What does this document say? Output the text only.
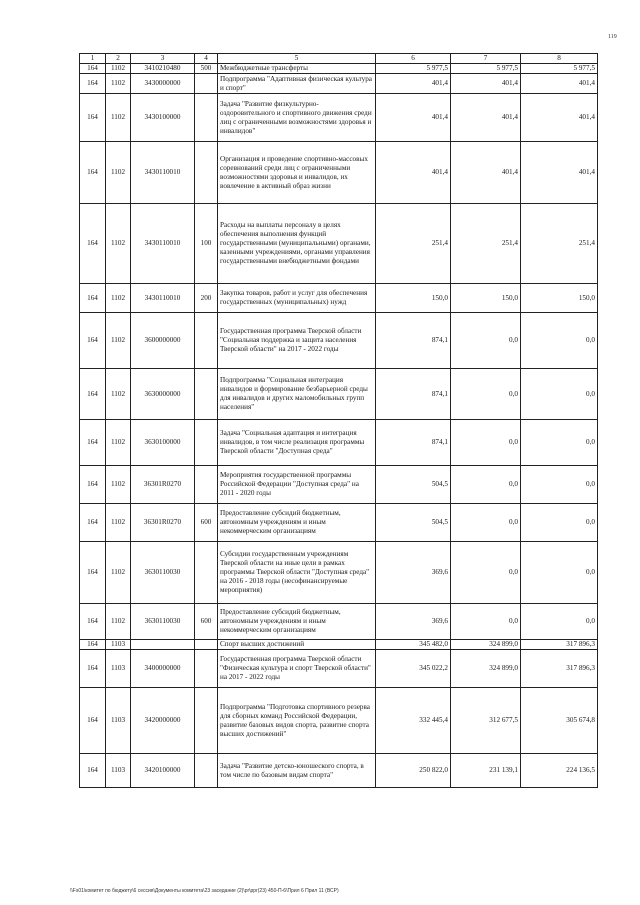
119
1	2	3	4	5	6	7	8
164	1102	3410210480	500	Межбюджетные трансферты	5 977,5	5 977,5	5 977,5
164	1102	3430000000		Подпрограмма "Адаптивная физическая культура и спорт"	401,4	401,4	401,4
164	1102	3430100000		Задача "Развитие физкультурно-оздоровительного и спортивного движения среди лиц с ограниченными возможностями здоровья и инвалидов"	401,4	401,4	401,4
164	1102	3430110010		Организация и проведение спортивно-массовых соревнований среди лиц с ограниченными возможностями здоровья и инвалидов, их вовлечение в активный образ жизни	401,4	401,4	401,4
164	1102	3430110010	100	Расходы на выплаты персоналу в целях обеспечения выполнения функций государственными (муниципальными) органами, казенными учреждениями, органами управления государственными внебюджетными фондами	251,4	251,4	251,4
164	1102	3430110010	200	Закупка товаров, работ и услуг для обеспечения государственных (муниципальных) нужд	150,0	150,0	150,0
164	1102	3600000000		Государственная программа Тверской области "Социальная поддержка и защита населения Тверской области" на 2017 - 2022 годы	874,1	0,0	0,0
164	1102	3630000000		Подпрограмма "Социальная интеграция инвалидов и формирование безбарьерной среды для инвалидов и других маломобильных групп населения"	874,1	0,0	0,0
164	1102	3630100000		Задача "Социальная адаптация и интеграция инвалидов, в том числе реализация программы Тверской области "Доступная среда"	874,1	0,0	0,0
164	1102	36301R0270		Мероприятия государственной программы Российской Федерации "Доступная среда" на 2011 - 2020 годы	504,5	0,0	0,0
164	1102	36301R0270	600	Предоставление субсидий бюджетным, автономным учреждениям и иным некоммерческим организациям	504,5	0,0	0,0
164	1102	3630110030		Субсидии государственным учреждениям Тверской области на иные цели в рамках программы Тверской области "Доступная среда" на 2016 - 2018 годы (несофинансируемые мероприятия)	369,6	0,0	0,0
164	1102	3630110030	600	Предоставление субсидий бюджетным, автономным учреждениям и иным некоммерческим организациям	369,6	0,0	0,0
164	1103			Спорт высших достижений	345 482,0	324 899,0	317 896,3
164	1103	3400000000		Государственная программа Тверской области "Физическая культура и спорт Тверской области" на 2017 - 2022 годы	345 022,2	324 899,0	317 896,3
164	1103	3420000000		Подпрограмма "Подготовка спортивного резерва для сборных команд Российской Федерации, развитие базовых видов спорта, развитие спорта высших достижений"	332 445,4	312 677,5	305 674,8
164	1103	3420100000		Задача "Развитие детско-юношеского спорта, в том числе по базовым видам спорта"	250 822,0	231 139,1	224 136,5
\\Fs01\комитет по бюджету\6 сессия\Документы комитета\23 заседание (2)\pr\ppr(23) 450-П-6\Прил 6 Прил 11 (ВСР)
